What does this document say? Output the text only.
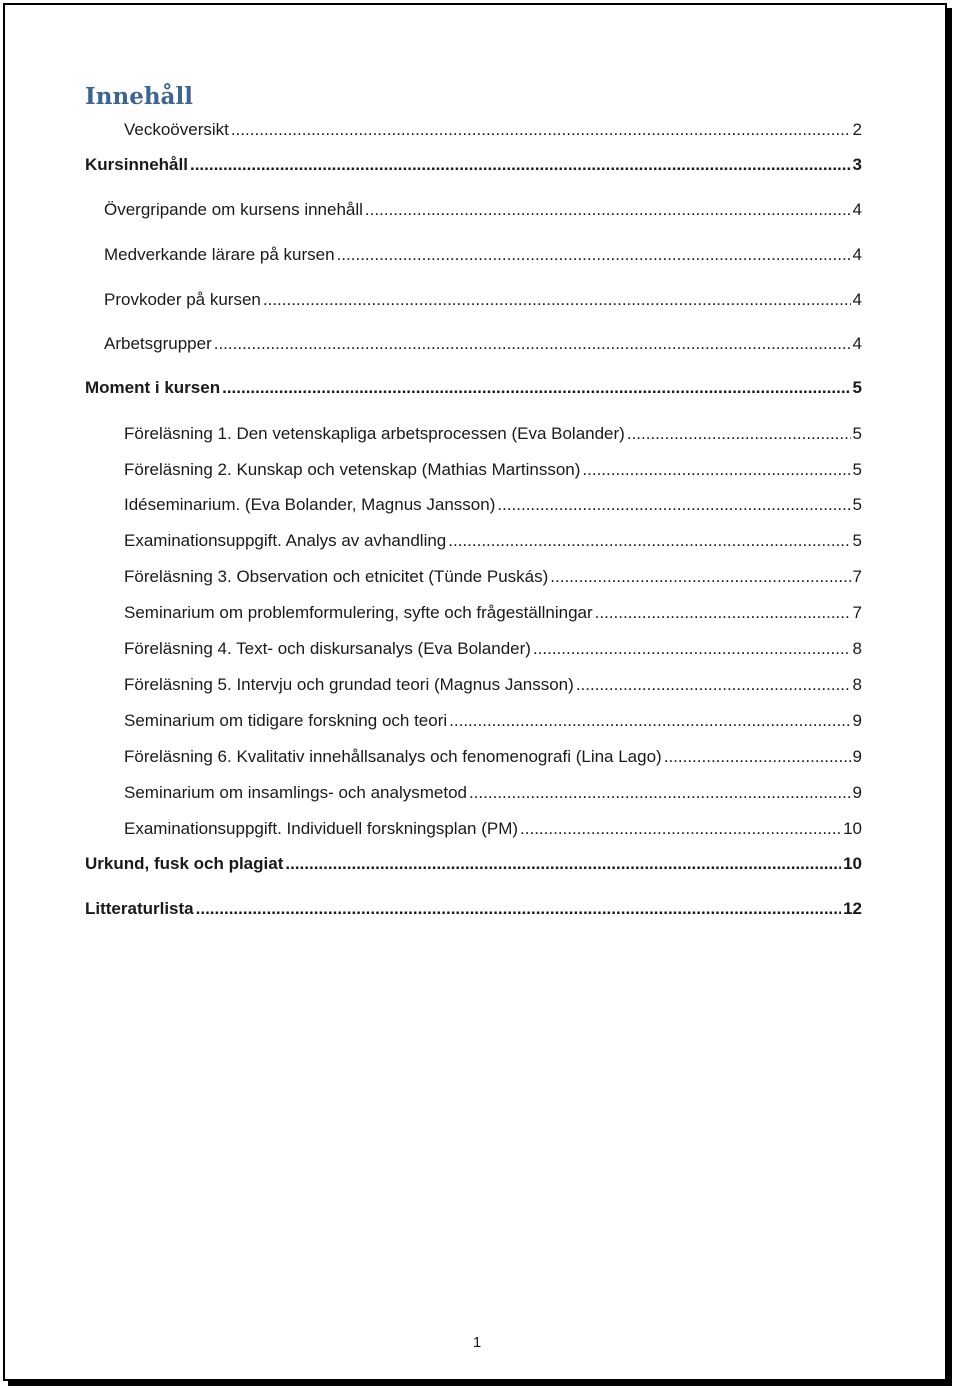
Innehåll
Veckoöversikt .....	2
Kursinnehåll .....	3
Övergripande om kursens innehåll .....	4
Medverkande lärare på kursen .....	4
Provkoder på kursen .....	4
Arbetsgrupper .....	4
Moment i kursen .....	5
Föreläsning 1. Den vetenskapliga arbetsprocessen (Eva Bolander) .....	5
Föreläsning 2. Kunskap och vetenskap (Mathias Martinsson) .....	5
Idéseminarium. (Eva Bolander, Magnus Jansson) .....	5
Examinationsuppgift. Analys av avhandling .....	5
Föreläsning 3. Observation och etnicitet (Tünde Puskás) .....	7
Seminarium om problemformulering, syfte och frågeställningar .....	7
Föreläsning 4. Text- och diskursanalys (Eva Bolander) .....	8
Föreläsning 5. Intervju och grundad teori (Magnus Jansson) .....	8
Seminarium om tidigare forskning och teori .....	9
Föreläsning 6. Kvalitativ innehållsanalys och fenomenografi (Lina Lago) .....	9
Seminarium om insamlings- och analysmetod .....	9
Examinationsuppgift. Individuell forskningsplan (PM) .....	10
Urkund, fusk och plagiat .....	10
Litteraturlista .....	12
1
